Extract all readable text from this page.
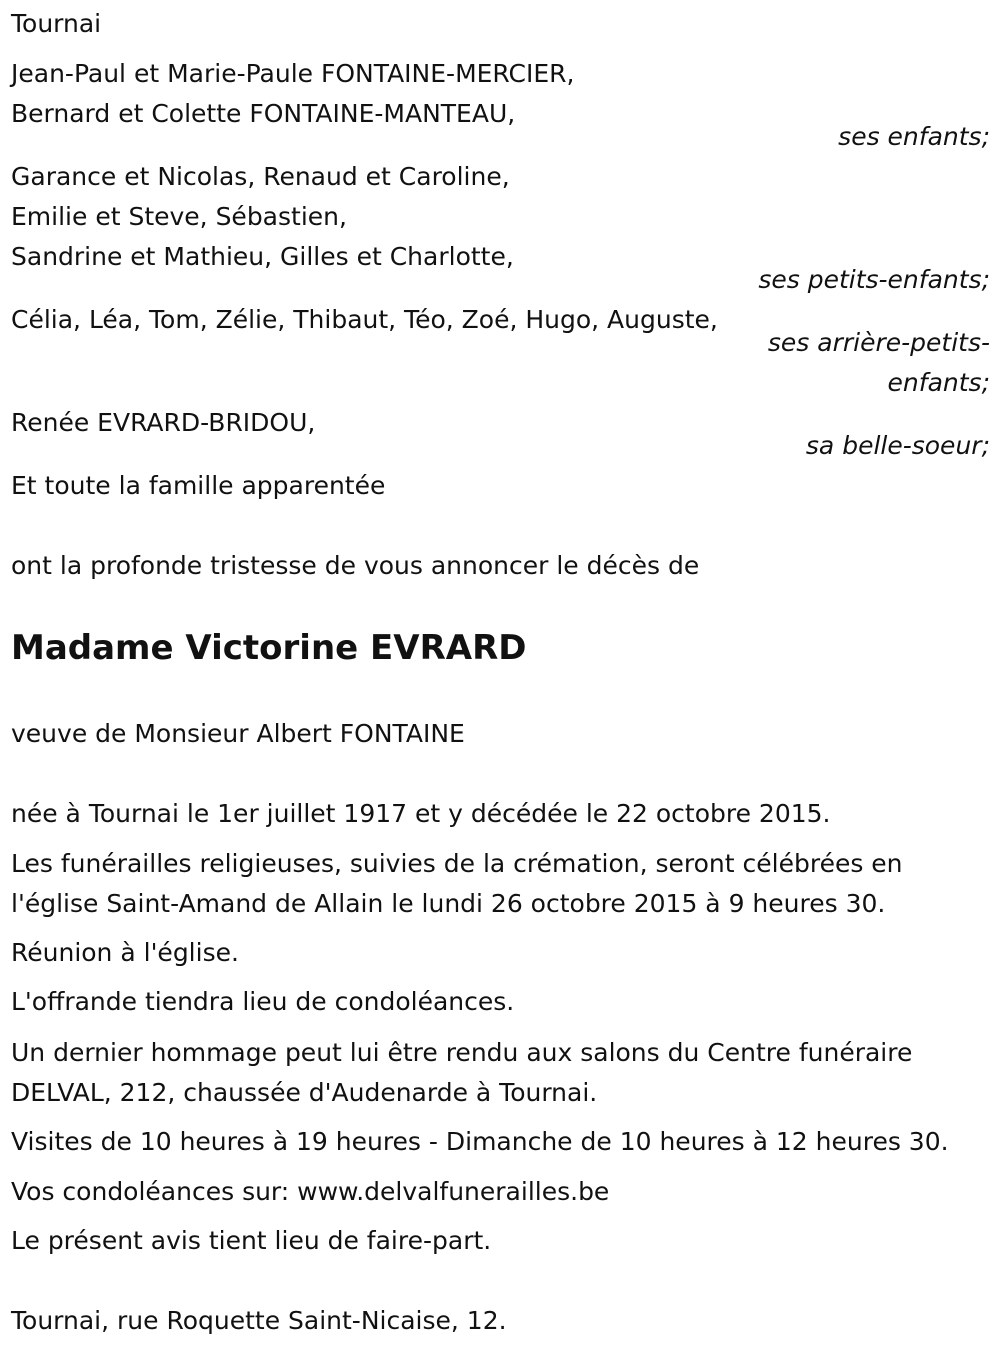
Tournai
Jean-Paul et Marie-Paule FONTAINE-MERCIER,
Bernard et Colette FONTAINE-MANTEAU,
ses enfants;
Garance et Nicolas, Renaud et Caroline,
Emilie et Steve, Sébastien,
Sandrine et Mathieu, Gilles et Charlotte,
ses petits-enfants;
Célia, Léa, Tom, Zélie, Thibaut, Téo, Zoé, Hugo, Auguste,
ses arrière-petits-
enfants;
Renée EVRARD-BRIDOU,
sa belle-soeur;
Et toute la famille apparentée
ont la profonde tristesse de vous annoncer le décès de
Madame Victorine EVRARD
veuve de Monsieur Albert FONTAINE
née à Tournai le 1er juillet 1917 et y décédée le 22 octobre 2015.
Les funérailles religieuses, suivies de la crémation, seront célébrées en
l'église Saint-Amand de Allain le lundi 26 octobre 2015 à 9 heures 30.
Réunion à l'église.
L'offrande tiendra lieu de condoléances.
Un dernier hommage peut lui être rendu aux salons du Centre funéraire
DELVAL, 212, chaussée d'Audenarde à Tournai.
Visites de 10 heures à 19 heures - Dimanche de 10 heures à 12 heures 30.
Vos condoléances sur: www.delvalfunerailles.be
Le présent avis tient lieu de faire-part.
Tournai, rue Roquette Saint-Nicaise, 12.
